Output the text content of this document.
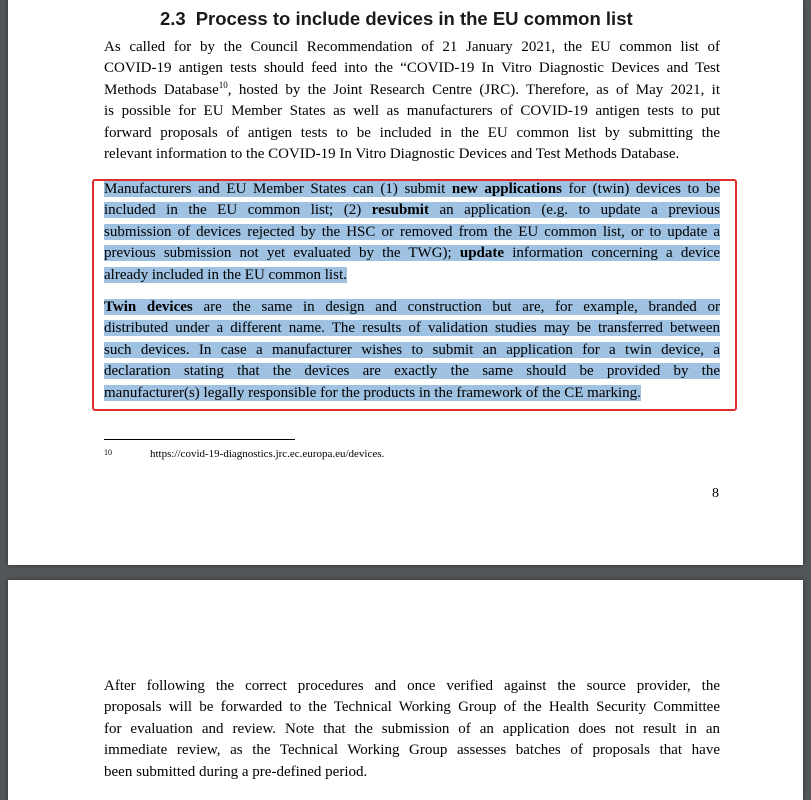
2.3 Process to include devices in the EU common list
As called for by the Council Recommendation of 21 January 2021, the EU common list of
COVID-19 antigen tests should feed into the “COVID-19 In Vitro Diagnostic Devices and Test
Methods Database$^{10}$, hosted by the Joint Research Centre (JRC). Therefore, as of May 2021, it
is possible for EU Member States as well as manufacturers of COVID-19 antigen tests to put
forward proposals of antigen tests to be included in the EU common list by submitting the
relevant information to the COVID-19 In Vitro Diagnostic Devices and Test Methods Database.
Manufacturers and EU Member States can (1) submit new applications for (twin) devices to be
included in the EU common list; (2) resubmit an application (e.g. to update a previous
submission of devices rejected by the HSC or removed from the EU common list, or to update a
previous submission not yet evaluated by the TWG); update information concerning a device
already included in the EU common list.
Twin devices are the same in design and construction but are, for example, branded or
distributed under a different name. The results of validation studies may be transferred between
such devices. In case a manufacturer wishes to submit an application for a twin device, a
declaration stating that the devices are exactly the same should be provided by the
manufacturer(s) legally responsible for the products in the framework of the CE marking.
10	https://covid-19-diagnostics.jrc.ec.europa.eu/devices.
8
After following the correct procedures and once verified against the source provider, the
proposals will be forwarded to the Technical Working Group of the Health Security Committee
for evaluation and review. Note that the submission of an application does not result in an
immediate review, as the Technical Working Group assesses batches of proposals that have
been submitted during a pre-defined period.
